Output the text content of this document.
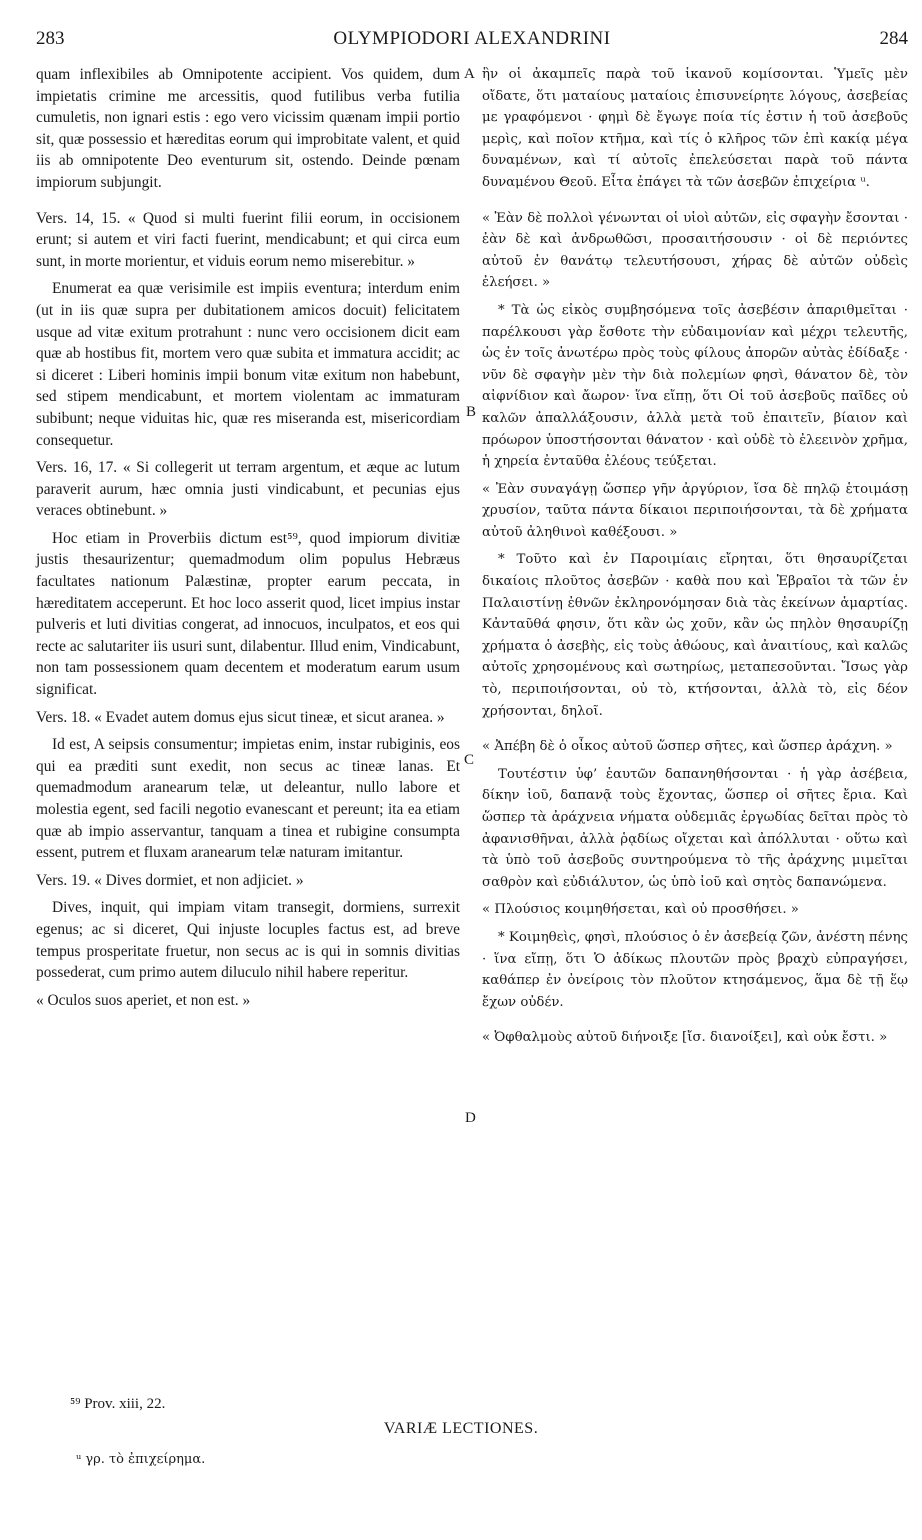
283	OLYMPIODORI ALEXANDRINI	284

quam inflexibiles ab Omnipotente accipient. Vos quidem, dum impietatis crimine me arcessitis, quod futilibus verba futilia cumuletis, non ignari estis : ego vero vicissim quænam impii portio sit, quæ possessio et hæreditas eorum qui improbitate valent, et quid iis ab omnipotente Deo eventurum sit, ostendo. Deinde pœnam impiorum subjungit.

Vers. 14, 15. « Quod si multi fuerint filii eorum, in occisionem erunt; si autem et viri facti fuerint, mendicabunt; et qui circa eum sunt, in morte morientur, et viduis eorum nemo miserebitur. »

Enumerat ea quæ verisimile est impiis eventura; interdum enim (ut in iis quæ supra per dubitationem amicos docuit) felicitatem usque ad vitæ exitum protrahunt : nunc vero occisionem dicit eam quæ ab hostibus fit, mortem vero quæ subita et immatura accidit; ac si diceret : Liberi hominis impii bonum vitæ exitum non habebunt, sed stipem mendicabunt, et mortem violentam ac immaturam subibunt; neque viduitas hic, quæ res miseranda est, misericordiam consequetur.

Vers. 16, 17. « Si collegerit ut terram argentum, et æque ac lutum paraverit aurum, hæc omnia justi vindicabunt, et pecunias ejus veraces obtinebunt. »

Hoc etiam in Proverbiis dictum est⁵⁹, quod impiorum divitiæ justis thesaurizentur; quemadmodum olim populus Hebræus facultates nationum Palæstinæ, propter earum peccata, in hæreditatem acceperunt. Et hoc loco asserit quod, licet impius instar pulveris et luti divitias congerat, ad innocuos, inculpatos, et eos qui recte ac salutariter iis usuri sunt, dilabentur. Illud enim, Vindicabunt, non tam possessionem quam decentem et moderatum earum usum significat.

Vers. 18. « Evadet autem domus ejus sicut tineæ, et sicut aranea. »

Id est, A seipsis consumentur; impietas enim, instar rubiginis, eos qui ea præditi sunt exedit, non secus ac tineæ lanas. Et quemadmodum aranearum telæ, ut deleantur, nullo labore et molestia egent, sed facili negotio evanescant et pereunt; ita ea etiam quæ ab impio asservantur, tanquam a tinea et rubigine consumpta essent, putrem et fluxam aranearum telæ naturam imitantur.

Vers. 19. « Dives dormiet, et non adjiciet. »

Dives, inquit, qui impiam vitam transegit, dormiens, surrexit egenus; ac si diceret, Qui injuste locuples factus est, ad breve tempus prosperitate fruetur, non secus ac is qui in somnis divitias possederat, cum primo autem diluculo nihil habere reperitur.

« Oculos suos aperiet, et non est. »

A
B
C
D

ἣν οἱ ἀκαμπεῖς παρὰ τοῦ ἱκανοῦ κομίσονται. Ὑμεῖς μὲν οἴδατε, ὅτι ματαίους ματαίοις ἐπισυνείρητε λόγους, ἀσεβείας με γραφόμενοι · φημὶ δὲ ἔγωγε ποία τίς ἐστιν ἡ τοῦ ἀσεβοῦς μερὶς, καὶ ποῖον κτῆμα, καὶ τίς ὁ κλῆρος τῶν ἐπὶ κακίᾳ μέγα δυναμένων, καὶ τί αὐτοῖς ἐπελεύσεται παρὰ τοῦ πάντα δυναμένου Θεοῦ. Εἶτα ἐπάγει τὰ τῶν ἀσεβῶν ἐπιχείρια ᵘ.

« Ἐὰν δὲ πολλοὶ γένωνται οἱ υἱοὶ αὐτῶν, εἰς σφαγὴν ἔσονται · ἐὰν δὲ καὶ ἀνδρωθῶσι, προσαιτήσουσιν · οἱ δὲ περιόντες αὐτοῦ ἐν θανάτῳ τελευτήσουσι, χήρας δὲ αὐτῶν οὐδεὶς ἐλεήσει. »

* Τὰ ὡς εἰκὸς συμβησόμενα τοῖς ἀσεβέσιν ἀπαριθμεῖται · παρέλκουσι γὰρ ἔσθοτε τὴν εὐδαιμονίαν καὶ μέχρι τελευτῆς, ὡς ἐν τοῖς ἀνωτέρω πρὸς τοὺς φίλους ἀπορῶν αὐτὰς ἐδίδαξε · νῦν δὲ σφαγὴν μὲν τὴν διὰ πολεμίων φησὶ, θάνατον δὲ, τὸν αἰφνίδιον καὶ ἄωρον· ἵνα εἴπῃ, ὅτι Οἱ τοῦ ἀσεβοῦς παῖδες οὐ καλῶν ἀπαλλάξουσιν, ἀλλὰ μετὰ τοῦ ἐπαιτεῖν, βίαιον καὶ πρόωρον ὑποστήσονται θάνατον · καὶ οὐδὲ τὸ ἐλεεινὸν χρῆμα, ἡ χηρεία ἐνταῦθα ἐλέους τεύξεται.

« Ἐὰν συναγάγῃ ὥσπερ γῆν ἀργύριον, ἴσα δὲ πηλῷ ἑτοιμάσῃ χρυσίον, ταῦτα πάντα δίκαιοι περιποιήσονται, τὰ δὲ χρήματα αὐτοῦ ἀληθινοὶ καθέξουσι. »

* Τοῦτο καὶ ἐν Παροιμίαις εἴρηται, ὅτι θησαυρίζεται δικαίοις πλοῦτος ἀσεβῶν · καθὰ που καὶ Ἑβραῖοι τὰ τῶν ἐν Παλαιστίνῃ ἐθνῶν ἐκληρονόμησαν διὰ τὰς ἐκείνων ἁμαρτίας. Κἀνταῦθά φησιν, ὅτι κἂν ὡς χοῦν, κἂν ὡς πηλὸν θησαυρίζῃ χρήματα ὁ ἀσεβὴς, εἰς τοὺς ἀθώους, καὶ ἀναιτίους, καὶ καλῶς αὐτοῖς χρησομένους καὶ σωτηρίως, μεταπεσοῦνται. Ἴσως γὰρ τὸ, περιποιήσονται, οὐ τὸ, κτήσονται, ἀλλὰ τὸ, εἰς δέον χρήσονται, δηλοῖ.

« Ἀπέβη δὲ ὁ οἶκος αὐτοῦ ὥσπερ σῆτες, καὶ ὥσπερ ἀράχνη. »

Τουτέστιν ὑφ’ ἑαυτῶν δαπανηθήσονται · ἡ γὰρ ἀσέβεια, δίκην ἰοῦ, δαπανᾷ τοὺς ἔχοντας, ὥσπερ οἱ σῆτες ἔρια. Καὶ ὥσπερ τὰ ἀράχνεια νήματα οὐδεμιᾶς ἐργωδίας δεῖται πρὸς τὸ ἀφανισθῆναι, ἀλλὰ ῥᾳδίως οἴχεται καὶ ἀπόλλυται · οὕτω καὶ τὰ ὑπὸ τοῦ ἀσεβοῦς συντηρούμενα τὸ τῆς ἀράχνης μιμεῖται σαθρὸν καὶ εὐδιάλυτον, ὡς ὑπὸ ἰοῦ καὶ σητὸς δαπανώμενα.

« Πλούσιος κοιμηθήσεται, καὶ οὐ προσθήσει. »

* Κοιμηθεὶς, φησὶ, πλούσιος ὁ ἐν ἀσεβείᾳ ζῶν, ἀνέστη πένης · ἵνα εἴπῃ, ὅτι Ὁ ἀδίκως πλουτῶν πρὸς βραχὺ εὐπραγήσει, καθάπερ ἐν ὀνείροις τὸν πλοῦτον κτησάμενος, ἅμα δὲ τῇ ἕῳ ἔχων οὐδέν.

« Ὀφθαλμοὺς αὐτοῦ διήνοιξε [ἴσ. διανοίξει], καὶ οὐκ ἔστι. »

⁵⁹ Prov. xiii, 22.
VARIÆ LECTIONES.
ᵘ γρ. τὸ ἐπιχείρημα.
